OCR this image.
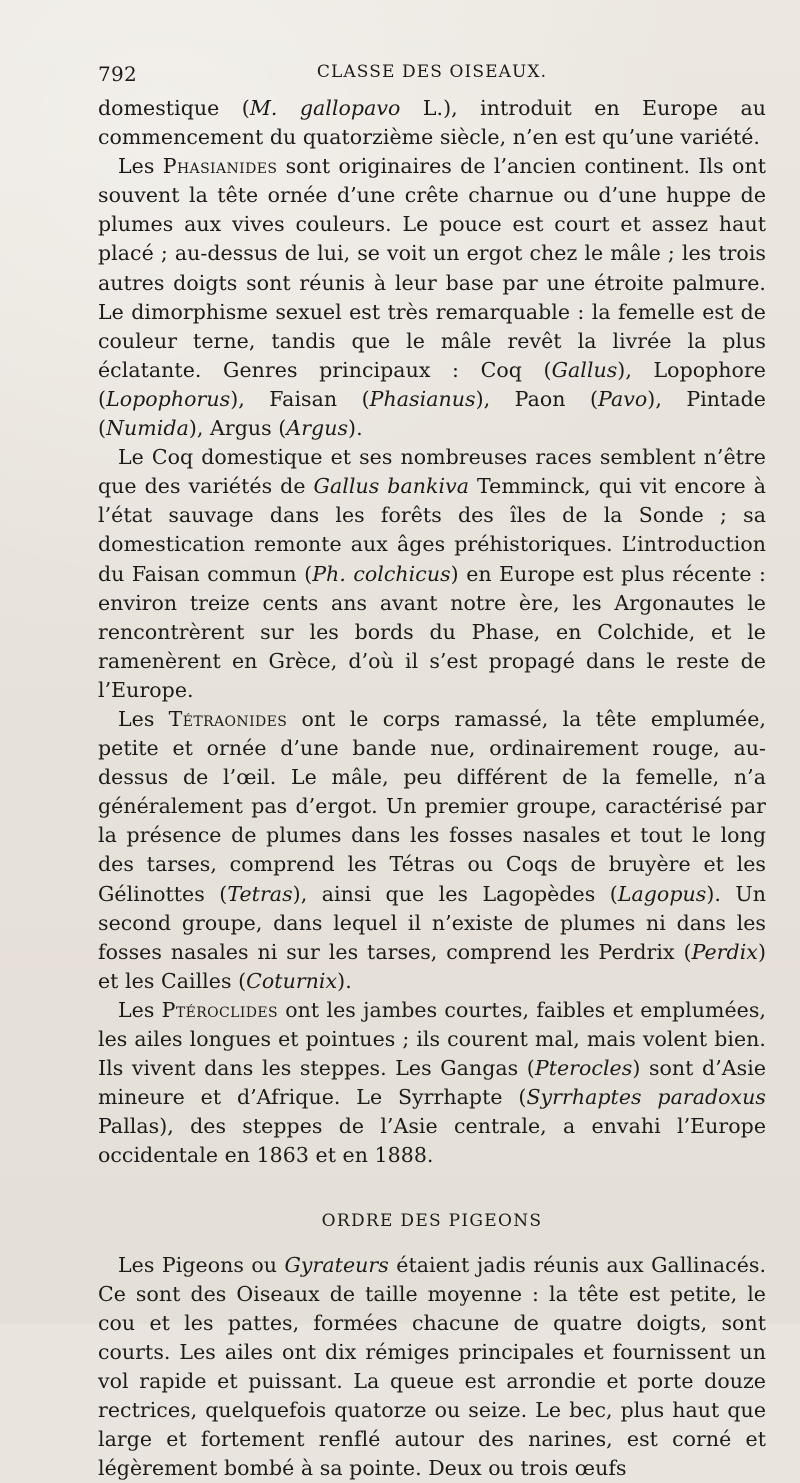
792	CLASSE DES OISEAUX.

domestique (M. gallopavo L.), introduit en Europe au commencement du quatorzième siècle, n’en est qu’une variété.

Les Phasianides sont originaires de l’ancien continent. Ils ont souvent la tête ornée d’une crête charnue ou d’une huppe de plumes aux vives couleurs. Le pouce est court et assez haut placé ; au-dessus de lui, se voit un ergot chez le mâle ; les trois autres doigts sont réunis à leur base par une étroite palmure. Le dimorphisme sexuel est très remarquable : la femelle est de couleur terne, tandis que le mâle revêt la livrée la plus éclatante. Genres principaux : Coq (Gallus), Lopophore (Lopophorus), Faisan (Phasianus), Paon (Pavo), Pintade (Numida), Argus (Argus).

Le Coq domestique et ses nombreuses races semblent n’être que des variétés de Gallus bankiva Temminck, qui vit encore à l’état sauvage dans les forêts des îles de la Sonde ; sa domestication remonte aux âges préhistoriques. L’introduction du Faisan commun (Ph. colchicus) en Europe est plus récente : environ treize cents ans avant notre ère, les Argonautes le rencontrèrent sur les bords du Phase, en Colchide, et le ramenèrent en Grèce, d’où il s’est propagé dans le reste de l’Europe.

Les Tétraonides ont le corps ramassé, la tête emplumée, petite et ornée d’une bande nue, ordinairement rouge, au-dessus de l’œil. Le mâle, peu différent de la femelle, n’a généralement pas d’ergot. Un premier groupe, caractérisé par la présence de plumes dans les fosses nasales et tout le long des tarses, comprend les Tétras ou Coqs de bruyère et les Gélinottes (Tetras), ainsi que les Lagopèdes (Lagopus). Un second groupe, dans lequel il n’existe de plumes ni dans les fosses nasales ni sur les tarses, comprend les Perdrix (Perdix) et les Cailles (Coturnix).

Les Ptéroclides ont les jambes courtes, faibles et emplumées, les ailes longues et pointues ; ils courent mal, mais volent bien. Ils vivent dans les steppes. Les Gangas (Pterocles) sont d’Asie mineure et d’Afrique. Le Syrrhapte (Syrrhaptes paradoxus Pallas), des steppes de l’Asie centrale, a envahi l’Europe occidentale en 1863 et en 1888.

ORDRE DES PIGEONS

Les Pigeons ou Gyrateurs étaient jadis réunis aux Gallinacés. Ce sont des Oiseaux de taille moyenne : la tête est petite, le cou et les pattes, formées chacune de quatre doigts, sont courts. Les ailes ont dix rémiges principales et fournissent un vol rapide et puissant. La queue est arrondie et porte douze rectrices, quelquefois quatorze ou seize. Le bec, plus haut que large et fortement renflé autour des narines, est corné et légèrement bombé à sa pointe. Deux ou trois œufs
